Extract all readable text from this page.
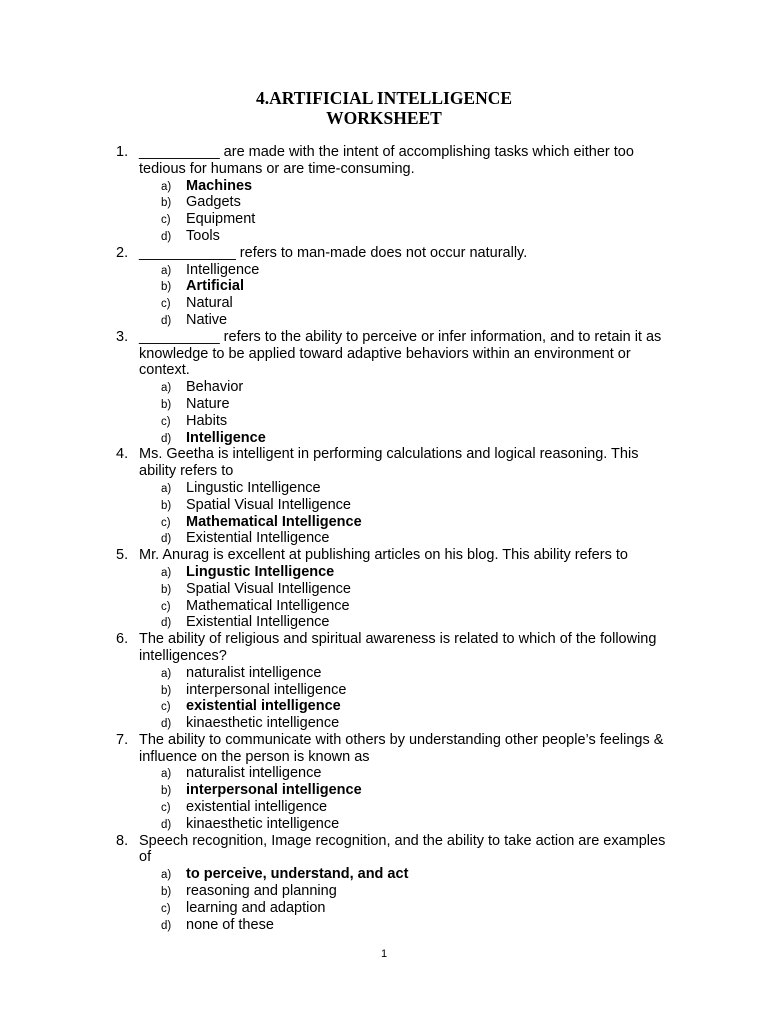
4.ARTIFICIAL INTELLIGENCE
WORKSHEET
1. __________ are made with the intent of accomplishing tasks which either too tedious for humans or are time-consuming.
a) Machines
b) Gadgets
c) Equipment
d) Tools
2. ____________ refers to man-made does not occur naturally.
a) Intelligence
b) Artificial
c) Natural
d) Native
3. __________ refers to the ability to perceive or infer information, and to retain it as knowledge to be applied toward adaptive behaviors within an environment or context.
a) Behavior
b) Nature
c) Habits
d) Intelligence
4. Ms. Geetha is intelligent in performing calculations and logical reasoning. This ability refers to
a) Lingustic Intelligence
b) Spatial Visual Intelligence
c) Mathematical Intelligence
d) Existential Intelligence
5. Mr. Anurag is excellent at publishing articles on his blog. This ability refers to
a) Lingustic Intelligence
b) Spatial Visual Intelligence
c) Mathematical Intelligence
d) Existential Intelligence
6. The ability of religious and spiritual awareness is related to which of the following intelligences?
a) naturalist intelligence
b) interpersonal intelligence
c) existential intelligence
d) kinaesthetic intelligence
7. The ability to communicate with others by understanding other people’s feelings & influence on the person is known as
a) naturalist intelligence
b) interpersonal intelligence
c) existential intelligence
d) kinaesthetic intelligence
8. Speech recognition, Image recognition, and the ability to take action are examples of
a) to perceive, understand, and act
b) reasoning and planning
c) learning and adaption
d) none of these
1
